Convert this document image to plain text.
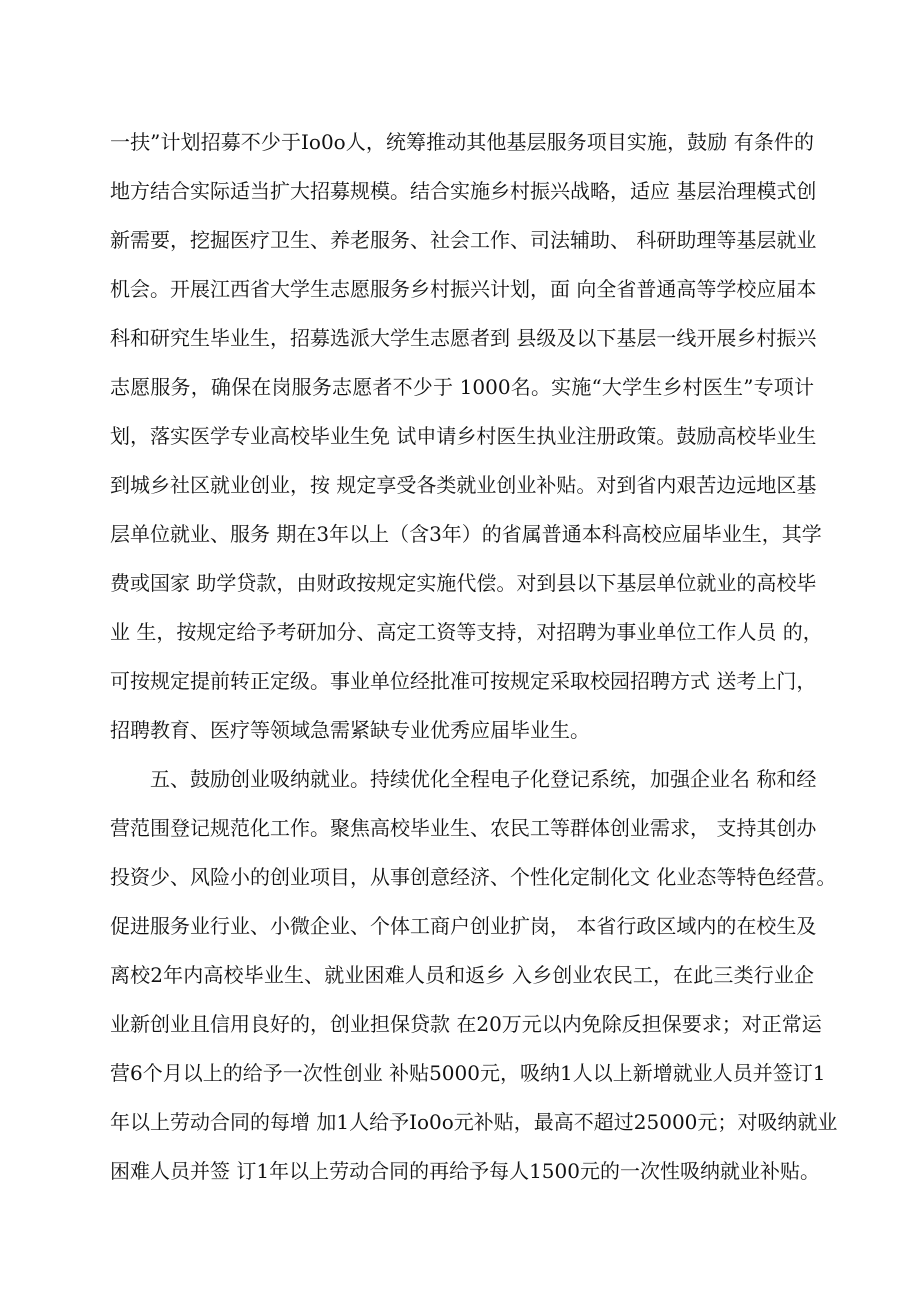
一扶”计划招募不少于Io0o人，统筹推动其他基层服务项目实施，鼓励 有条件的
地方结合实际适当扩大招募规模。结合实施乡村振兴战略，适应 基层治理模式创
新需要，挖掘医疗卫生、养老服务、社会工作、司法辅助、 科研助理等基层就业
机会。开展江西省大学生志愿服务乡村振兴计划，面 向全省普通高等学校应届本
科和研究生毕业生，招募选派大学生志愿者到 县级及以下基层一线开展乡村振兴
志愿服务，确保在岗服务志愿者不少于 1000名。实施“大学生乡村医生”专项计
划，落实医学专业高校毕业生免 试申请乡村医生执业注册政策。鼓励高校毕业生
到城乡社区就业创业，按 规定享受各类就业创业补贴。对到省内艰苦边远地区基
层单位就业、服务 期在3年以上（含3年）的省属普通本科高校应届毕业生，其学
费或国家 助学贷款，由财政按规定实施代偿。对到县以下基层单位就业的高校毕
业 生，按规定给予考研加分、高定工资等支持，对招聘为事业单位工作人员 的，
可按规定提前转正定级。事业单位经批准可按规定采取校园招聘方式 送考上门，
招聘教育、医疗等领域急需紧缺专业优秀应届毕业生。
五、鼓励创业吸纳就业。持续优化全程电子化登记系统，加强企业名 称和经
营范围登记规范化工作。聚焦高校毕业生、农民工等群体创业需求， 支持其创办
投资少、风险小的创业项目，从事创意经济、个性化定制化文 化业态等特色经营。
促进服务业行业、小微企业、个体工商户创业扩岗， 本省行政区域内的在校生及
离校2年内高校毕业生、就业困难人员和返乡 入乡创业农民工，在此三类行业企
业新创业且信用良好的，创业担保贷款 在20万元以内免除反担保要求；对正常运
营6个月以上的给予一次性创业 补贴5000元，吸纳1人以上新增就业人员并签订1
年以上劳动合同的每增 加1人给予Io0o元补贴，最高不超过25000元；对吸纳就业
困难人员并签 订1年以上劳动合同的再给予每人1500元的一次性吸纳就业补贴。
